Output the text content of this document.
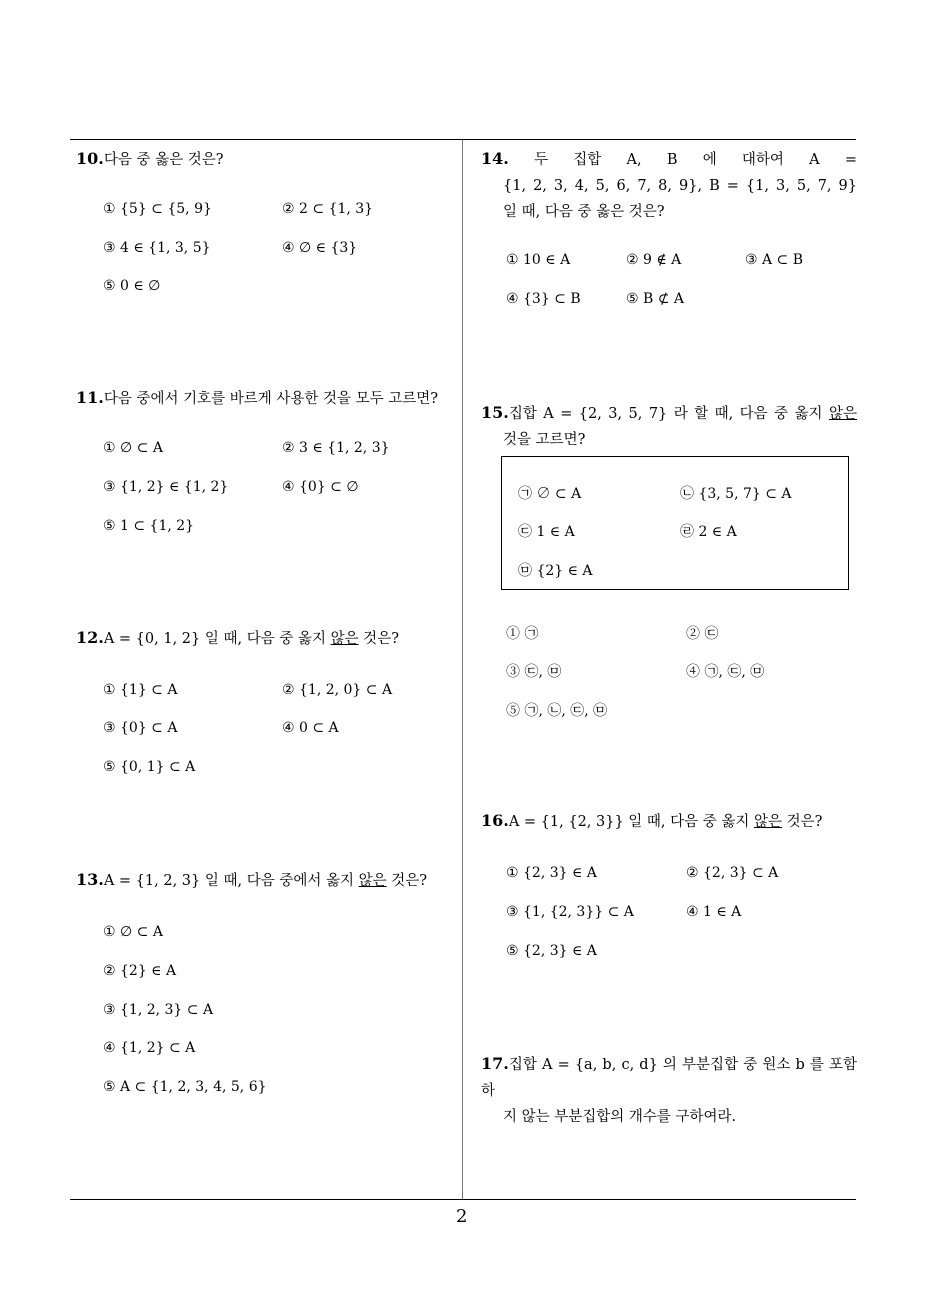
2
10.다음 중 옳은 것은?
① {5} ⊂ {5, 9}	② 2 ⊂ {1, 3}
③ 4 ∈ {1, 3, 5}	④ ∅ ∈ {3}
⑤ 0 ∈ ∅
11.다음 중에서 기호를 바르게 사용한 것을 모두 고르면?
① ∅ ⊂ A	② 3 ∈ {1, 2, 3}
③ {1, 2} ∈ {1, 2}	④ {0} ⊂ ∅
⑤ 1 ⊂ {1, 2}
12.A = {0, 1, 2} 일 때, 다음 중 옳지 않은 것은?
① {1} ⊂ A	② {1, 2, 0} ⊂ A
③ {0} ⊂ A	④ 0 ⊂ A
⑤ {0, 1} ⊂ A
13.A = {1, 2, 3} 일 때, 다음 중에서 옳지 않은 것은?
① ∅ ⊂ A
② {2} ∈ A
③ {1, 2, 3} ⊂ A
④ {1, 2} ⊂ A
⑤ A ⊂ {1, 2, 3, 4, 5, 6}
14. 두 집합 A, B 에 대하여 A =
{1, 2, 3, 4, 5, 6, 7, 8, 9}, B = {1, 3, 5, 7, 9}
일 때, 다음 중 옳은 것은?
① 10 ∈ A	② 9 ∉ A	③ A ⊂ B
④ {3} ⊂ B	⑤ B ⊄ A
15.집합 A = {2, 3, 5, 7} 라 할 때, 다음 중 옳지 않은
것을 고르면?
㉠ ∅ ⊂ A	㉡ {3, 5, 7} ⊂ A
㉢ 1 ∈ A	㉣ 2 ∈ A
㉤ {2} ∈ A
① ㉠	② ㉢
③ ㉢, ㉤	④ ㉠, ㉢, ㉤
⑤ ㉠, ㉡, ㉢, ㉤
16.A = {1, {2, 3}} 일 때, 다음 중 옳지 않은 것은?
① {2, 3} ∈ A	② {2, 3} ⊂ A
③ {1, {2, 3}} ⊂ A	④ 1 ∈ A
⑤ {2, 3} ∈ A
17.집합 A = {a, b, c, d} 의 부분집합 중 원소 b 를 포함하
지 않는 부분집합의 개수를 구하여라.
